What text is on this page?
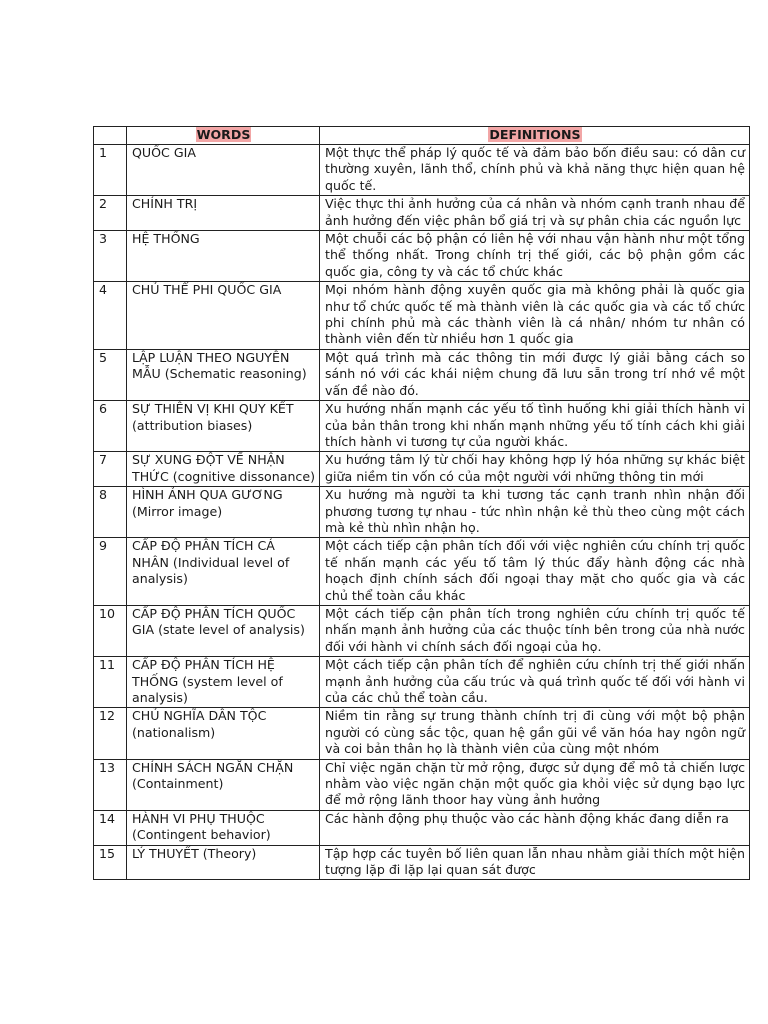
	WORDS	DEFINITIONS
1	QUỐC GIA	Một thực thể pháp lý quốc tế và đảm bảo bốn điều sau: có dân cư thường xuyên, lãnh thổ, chính phủ và khả năng thực hiện quan hệ quốc tế.
2	CHÍNH TRỊ	Việc thực thi ảnh hưởng của cá nhân và nhóm cạnh tranh nhau để ảnh hưởng đến việc phân bổ giá trị và sự phân chia các nguồn lực
3	HỆ THỐNG	Một chuỗi các bộ phận có liên hệ với nhau vận hành như một tổng thể thống nhất. Trong chính trị thế giới, các bộ phận gồm các quốc gia, công ty và các tổ chức khác
4	CHỦ THỂ PHI QUỐC GIA	Mọi nhóm hành động xuyên quốc gia mà không phải là quốc gia như tổ chức quốc tế mà thành viên là các quốc gia và các tổ chức phi chính phủ mà các thành viên là cá nhân/ nhóm tư nhân có thành viên đến từ nhiều hơn 1 quốc gia
5	LẬP LUẬN THEO NGUYÊN MẪU (Schematic reasoning)	Một quá trình mà các thông tin mới được lý giải bằng cách so sánh nó với các khái niệm chung đã lưu sẵn trong trí nhớ về một vấn đề nào đó.
6	SỰ THIÊN VỊ KHI QUY KẾT (attribution biases)	Xu hướng nhấn mạnh các yếu tố tình huống khi giải thích hành vi của bản thân trong khi nhấn mạnh những yếu tố tính cách khi giải thích hành vi tương tự của người khác.
7	SỰ XUNG ĐỘT VỀ NHẬN THỨC (cognitive dissonance)	Xu hướng tâm lý từ chối hay không hợp lý hóa những sự khác biệt giữa niềm tin vốn có của một người với những thông tin mới
8	HÌNH ẢNH QUA GƯƠNG (Mirror image)	Xu hướng mà người ta khi tương tác cạnh tranh nhìn nhận đối phương tương tự nhau - tức nhìn nhận kẻ thù theo cùng một cách mà kẻ thù nhìn nhận họ.
9	CẤP ĐỘ PHÂN TÍCH CÁ NHÂN (Individual level of analysis)	Một cách tiếp cận phân tích đối với việc nghiên cứu chính trị quốc tế nhấn mạnh các yếu tố tâm lý thúc đẩy hành động các nhà hoạch định chính sách đối ngoại thay mặt cho quốc gia và các chủ thể toàn cầu khác
10	CẤP ĐỘ PHÂN TÍCH QUỐC GIA (state level of analysis)	Một cách tiếp cận phân tích trong nghiên cứu chính trị quốc tế nhấn mạnh ảnh hưởng của các thuộc tính bên trong của nhà nước đối với hành vi chính sách đối ngoại của họ.
11	CẤP ĐỘ PHÂN TÍCH HỆ THỐNG (system level of analysis)	Một cách tiếp cận phân tích để nghiên cứu chính trị thế giới nhấn mạnh ảnh hưởng của cấu trúc và quá trình quốc tế đối với hành vi của các chủ thể toàn cầu.
12	CHỦ NGHĨA DÂN TỘC (nationalism)	Niềm tin rằng sự trung thành chính trị đi cùng với một bộ phận người có cùng sắc tộc, quan hệ gần gũi về văn hóa hay ngôn ngữ và coi bản thân họ là thành viên của cùng một nhóm
13	CHÍNH SÁCH NGĂN CHẶN (Containment)	Chỉ việc ngăn chặn từ mở rộng, được sử dụng để mô tả chiến lược nhằm vào việc ngăn chặn một quốc gia khỏi việc sử dụng bạo lực để mở rộng lãnh thoor hay vùng ảnh hưởng
14	HÀNH VI PHỤ THUỘC (Contingent behavior)	Các hành động phụ thuộc vào các hành động khác đang diễn ra
15	LÝ THUYẾT (Theory)	Tập hợp các tuyên bố liên quan lẫn nhau nhằm giải thích một hiện tượng lặp đi lặp lại quan sát được
